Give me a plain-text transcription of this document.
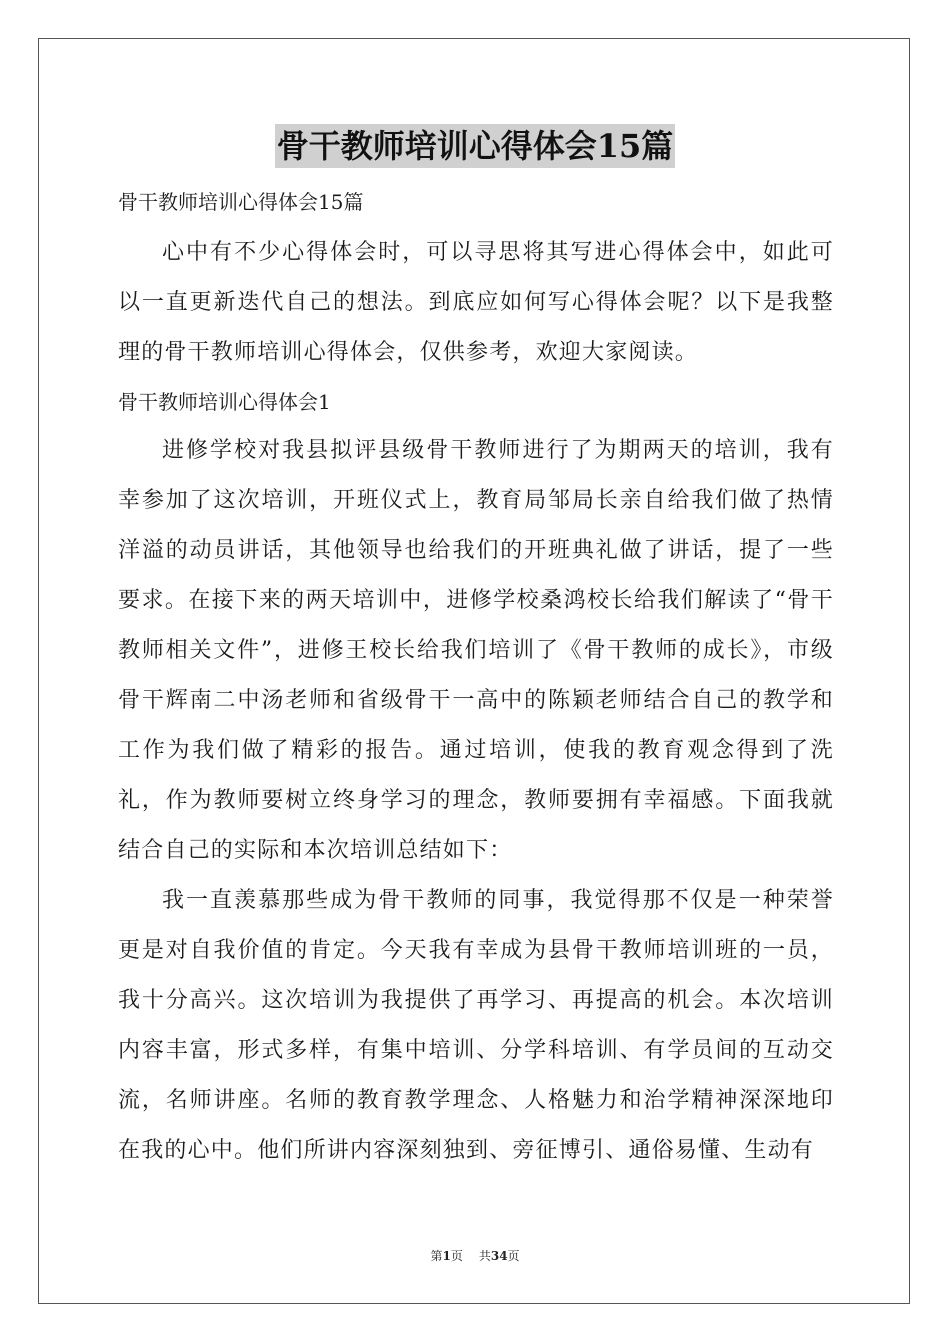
骨干教师培训心得体会15篇

骨干教师培训心得体会15篇

心中有不少心得体会时，可以寻思将其写进心得体会中，如此可以一直更新迭代自己的想法。到底应如何写心得体会呢？以下是我整理的骨干教师培训心得体会，仅供参考，欢迎大家阅读。

骨干教师培训心得体会1

进修学校对我县拟评县级骨干教师进行了为期两天的培训，我有幸参加了这次培训，开班仪式上，教育局邹局长亲自给我们做了热情洋溢的动员讲话，其他领导也给我们的开班典礼做了讲话，提了一些要求。在接下来的两天培训中，进修学校桑鸿校长给我们解读了“骨干教师相关文件”，进修王校长给我们培训了《骨干教师的成长》，市级骨干辉南二中汤老师和省级骨干一高中的陈颖老师结合自己的教学和工作为我们做了精彩的报告。通过培训，使我的教育观念得到了洗礼，作为教师要树立终身学习的理念，教师要拥有幸福感。下面我就结合自己的实际和本次培训总结如下：

我一直羡慕那些成为骨干教师的同事，我觉得那不仅是一种荣誉更是对自我价值的肯定。今天我有幸成为县骨干教师培训班的一员，我十分高兴。这次培训为我提供了再学习、再提高的机会。本次培训内容丰富，形式多样，有集中培训、分学科培训、有学员间的互动交流，名师讲座。名师的教育教学理念、人格魅力和治学精神深深地印在我的心中。他们所讲内容深刻独到、旁征博引、通俗易懂、生动有

第1页 共34页
